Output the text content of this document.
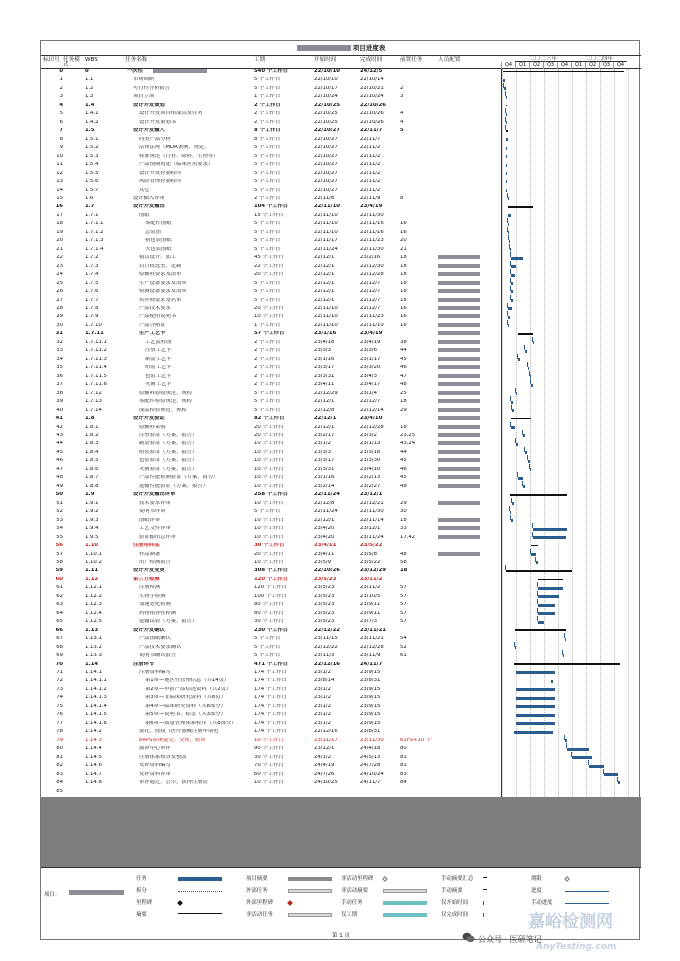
项目进度表
标识号 任务模式
WBS	任务名称	工期	开始时间	完成时间	前置任务	人员配置	二〇二三年	二〇二四年
Q4	Q1	Q2	Q3	Q4	Q1	Q2	Q3	Q4
0	0	一次性	540 个工作日	22/10/10	24/12/5
1	1.1	市场调研	5 个工作日	22/10/10	22/10/14
2	1.2	可行性分析报告	5 个工作日	22/10/17	22/10/21	2
3	1.3	项目立项	1 个工作日	22/10/24	22/10/24	3
4	1.4	设计开发策划	2 个工作日	22/10/25	22/10/26
5	1.4.1	设计开发项目组成员及任务	2 个工作日	22/10/25	22/10/26	4
6	1.4.2	设计开发策划书	2 个工作日	22/10/25	22/10/26	4
7	1.5	设计开发输入	8 个工作日	22/10/27	22/11/7	5
8	1.5.1	同类产品分析	8 个工作日	22/10/27	22/11/7
9	1.5.2	法律法规（MDR条例、规定、	5 个工作日	22/10/27	22/11/2
10	1.5.3	标准规范（行业、降料、生物等）	5 个工作日	22/10/27	22/11/2
11	1.5.4	产品预期用途（临床应用要求）	5 个工作日	22/10/27	22/11/2
12	1.5.5	设计开发控制程序	5 个工作日	22/10/27	22/11/2
13	1.5.6	风险管理控制程序	5 个工作日	22/10/27	22/11/2
14	1.5.7	其它	5 个工作日	22/10/27	22/11/2
15	1.6	设计输入评审	2 个工作日	22/11/8	22/11/9	8
16	1.7	设计开发输出	104 个工作日	22/11/10	23/4/19
17	1.7.1	图纸	15 个工作日	22/11/10	22/11/30
18	1.7.1.1	零配件图纸	5 个工作日	22/11/10	22/11/16	16
19	1.7.1.2	总装图	5 个工作日	22/11/10	22/11/16	16
20	1.7.1.3	初包装图纸	5 个工作日	22/11/17	22/11/23	20
21	1.7.1.4	大包装图纸	5 个工作日	22/11/24	22/11/30	21
22	1.7.2	模具设计、加工	45 个工作日	22/12/1	23/2/16	18
23	1.7.3	封口机选型、定制	22 个工作日	22/12/1	22/12/30	18
24	1.7.4	原辅料要求及清单	20 个工作日	22/12/1	22/12/28	18
25	1.7.5	生产设备要求及清单	5 个工作日	22/12/1	22/12/7	18
26	1.7.6	检测设备要求及清单	5 个工作日	22/12/1	22/12/7	18
27	1.7.7	供应商要求及名单	5 个工作日	22/12/1	22/12/7	18
28	1.7.8	产品技术要求	20 个工作日	22/11/10	22/12/7	16
29	1.7.9	产品使用说明书	10 个工作日	22/11/10	22/11/23	16
30	1.7.10	产品合格证	1 个工作日	22/11/10	22/11/10	16
31	1.7.11	生产工艺卡	57 个工作日	23/1/16	23/4/19
32	1.7.11.1	工艺流程图	2 个工作日	23/4/18	23/4/19	38
33	1.7.11.2	注塑工艺卡	2 个工作日	23/3/3	23/3/6	44
34	1.7.11.3	制袋工艺卡	2 个工作日	23/1/16	23/1/17	45
35	1.7.11.4	组装工艺卡	2 个工作日	23/3/17	23/3/20	46
36	1.7.11.5	包装工艺卡	2 个工作日	23/3/31	23/4/3	47
37	1.7.11.6	灭菌工艺卡	2 个工作日	23/4/11	23/4/17	48
38	1.7.12	原辅料验收规范、规程	5 个工作日	22/12/29	23/1/4	25
39	1.7.13	零配件检验规范、规程	5 个工作日	22/12/1	22/12/7	18
40	1.7.14	成品检验规范、规程	5 个工作日	22/12/8	22/12/14	29
41	1.8	设计开发验证	82 个工作日	22/12/1	23/4/10
42	1.8.1	原辅料采购	20 个工作日	22/12/1	22/12/28	18
43	1.8.2	注塑验证（方案、报告）	20 个工作日	23/2/17	23/3/2	23,25
44	1.8.3	制袋验证（方案、报告）	10 个工作日	23/1/2	23/1/13	43,24
45	1.8.4	组装验证（方案、报告）	10 个工作日	23/3/3	23/3/16	44
46	1.8.5	包装验证（方案、报告）	10 个工作日	23/3/17	23/3/30	45
47	1.8.6	灭菌验证（方案、报告）	10 个工作日	23/3/31	23/4/10	46
48	1.8.7	产品性能检测验证（方案、报告）	10 个工作日	23/1/16	23/2/13	45
49	1.8.8	运输性能验证（方案、报告）	10 个工作日	23/2/14	23/2/27	48
50	1.9	设计开发输出评审	258 个工作日	22/11/24	23/12/1
51	1.9.1	技术要求评审	10 个工作日	22/12/8	22/12/21	29
52	1.9.2	说明书评审	5 个工作日	22/11/24	22/11/30	30
53	1.9.3	图纸评审	10 个工作日	22/12/1	22/11/14	18
54	1.9.4	工艺文件评审	10 个工作日	23/4/20	23/12/1	33
55	1.9.5	验证输出总评审	10 个工作日	23/4/20	23/11/24	17,42
56	1.10	注册用样品	30 个工作日	23/4/11	23/5/22
57	1.10.1	样品制备	20 个工作日	23/4/11	23/5/8	48
58	1.10.2	出厂检测报告	10 个工作日	23/5/9	23/5/22	58
59	1.11	设计开发变更	308 个工作日	22/10/26	23/12/29	18
60	1.12	第三方检测	120 个工作日	23/5/23	23/11/2
61	1.12.1	注册检测	120 个工作日	23/5/23	23/11/2	57
62	1.12.2	生物学检测	100 个工作日	23/5/23	23/10/5	57
63	1.12.3	加速老化检测	80 个工作日	23/5/23	23/9/11	57
64	1.12.4	药物相容性检测	80 个工作日	23/5/23	23/9/11	57
65	1.12.5	运输试验（方案、报告）	30 个工作日	23/5/23	23/7/3	57
66	1.13	设计开发确认	230 个工作日	22/12/22	23/11/21
67	1.13.1	产品图纸确认	5 个工作日	23/11/15	23/11/21	54
68	1.13.2	产品技术要求确认	5 个工作日	22/12/22	22/12/28	52
69	1.13.3	说明书确认报告	5 个工作日	23/11/3	23/11/9	61
70	1.14	注册环节	471 个工作日	22/12/16	24/11/7
71	1.14.1	注册资料编写	174 个工作日	23/1/2	23/9/15
72	1.14.1.1	第1章—地区性管理信息（共14页）	174 个工作日	23/8/14	23/8/31
73	1.14.1.2	第2章—申报产品综述资料（共2页）	174 个工作日	23/1/2	23/9/15
74	1.14.1.3	第3章—非临床研究资料（共8页）	174 个工作日	23/1/2	23/9/15
75	1.14.1.4	第4章—临床研究资料（共8部分）	174 个工作日	23/1/2	23/9/15
76	1.14.1.5	第5章—说明书、标签（共3部分）	174 个工作日	23/1/2	23/9/15
77	1.14.1.6	第6章—质量管理体系程序（共8部分）	174 个工作日	23/1/2	23/9/15
78	1.14.2	委托、授权（医疗器械注册申请电	174 个工作日	22/12/16	23/8/31
79	1.14.3	eRPS系统提交，受理，缴费	10 个工作日	23/11/17	23/11/30	61FS+10 个
80	1.14.4	摸审中心审评	90 个工作日	23/12/1	24/4/18	80
81	1.14.5	注册体系核查及整改	30 个工作日	24/1/2	24/5/13	81
82	1.14.6	发补资料编写	70 个工作日	24/4/19	24/7/28	81
83	1.14.7	发补资料评审	60 个工作日	24/7/26	24/10/24	83
84	1.14.8	审评通过，公示，获得注册证	10 个工作日	24/10/25	24/11/7	84
85
项目：
任务
拆分
里程碑
摘要
项目摘要
外部任务
外部里程碑
非活动任务
非活动里程碑
非活动摘要
手动任务
仅工期
手动摘要汇总
手动摘要
仅开始时间
仅完成时间
期限
进度
手动进度
第 1 页
嘉峪检测网
AnyTesting.com
公众号 · 医研笔记
